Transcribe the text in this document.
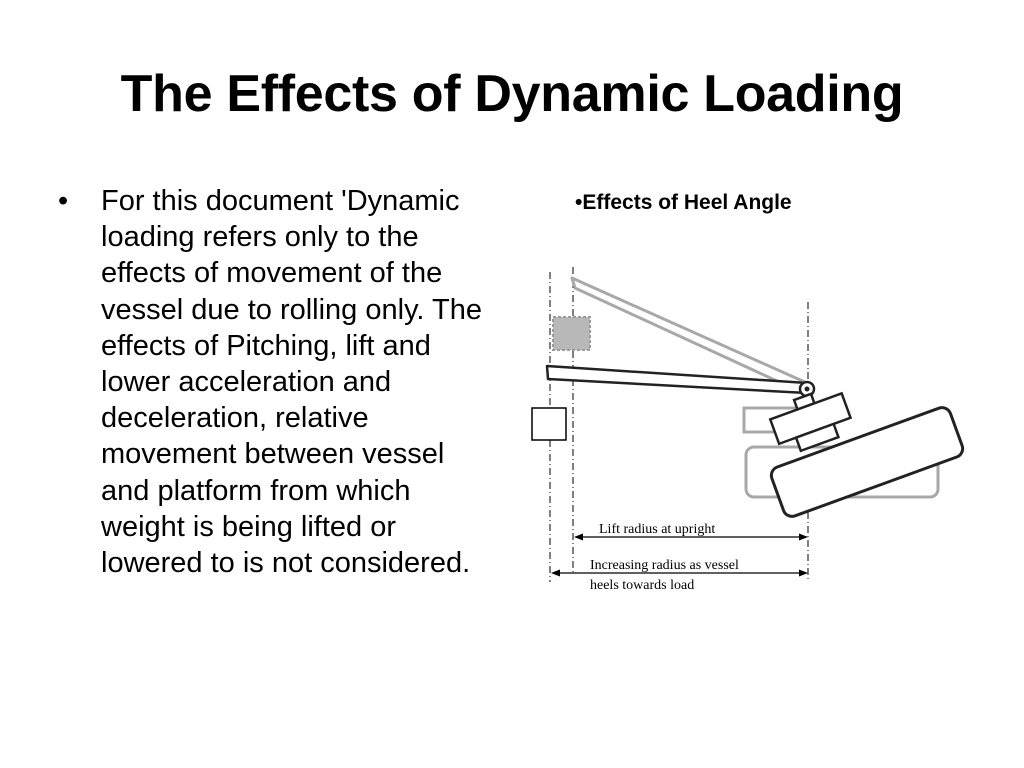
The Effects of Dynamic Loading
• For this document 'Dynamic loading refers only to the effects of movement of the vessel due to rolling only. The effects of Pitching, lift and lower acceleration and deceleration, relative movement between vessel and platform from which weight is being lifted or lowered to is not considered.
•Effects of Heel Angle
Lift radius at upright
Increasing radius as vessel
heels towards load
